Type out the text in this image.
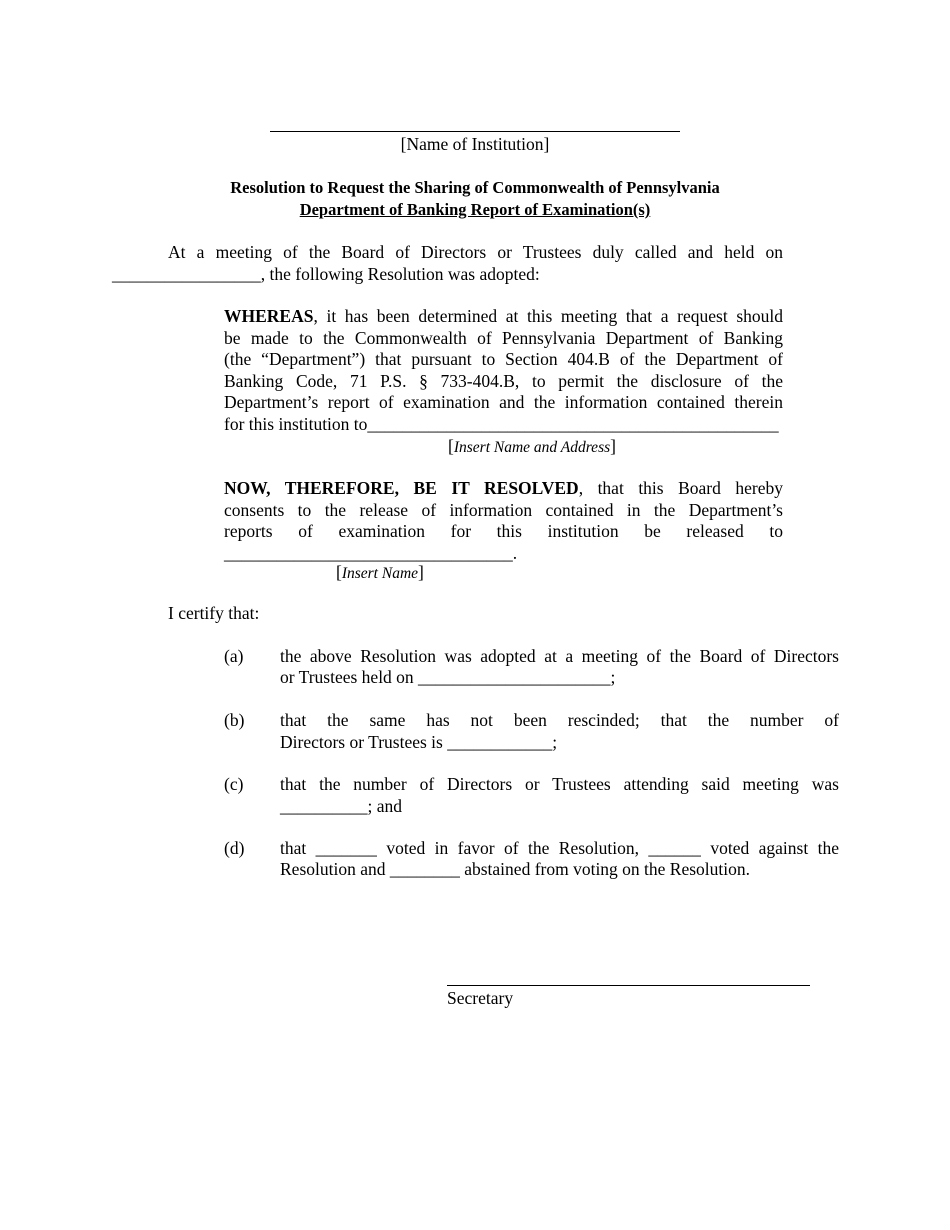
[Name of Institution]
Resolution to Request the Sharing of Commonwealth of Pennsylvania
Department of Banking Report of Examination(s)
At a meeting of the Board of Directors or Trustees duly called and held on
_________________, the following Resolution was adopted:
WHEREAS, it has been determined at this meeting that a request should
be made to the Commonwealth of Pennsylvania Department of Banking
(the “Department”) that pursuant to Section 404.B of the Department of
Banking Code, 71 P.S. § 733-404.B, to permit the disclosure of the
Department’s report of examination and the information contained therein
for this institution to_______________________________________________
[Insert Name and Address]
NOW, THEREFORE, BE IT RESOLVED, that this Board hereby
consents to the release of information contained in the Department’s
reports of examination for this institution be released to
_________________________________.
[Insert Name]
I certify that:
(a) the above Resolution was adopted at a meeting of the Board of Directors
or Trustees held on ______________________;
(b) that the same has not been rescinded; that the number of
Directors or Trustees is ____________;
(c) that the number of Directors or Trustees attending said meeting was
__________; and
(d) that _______ voted in favor of the Resolution, ______ voted against the
Resolution and ________ abstained from voting on the Resolution.
Secretary
